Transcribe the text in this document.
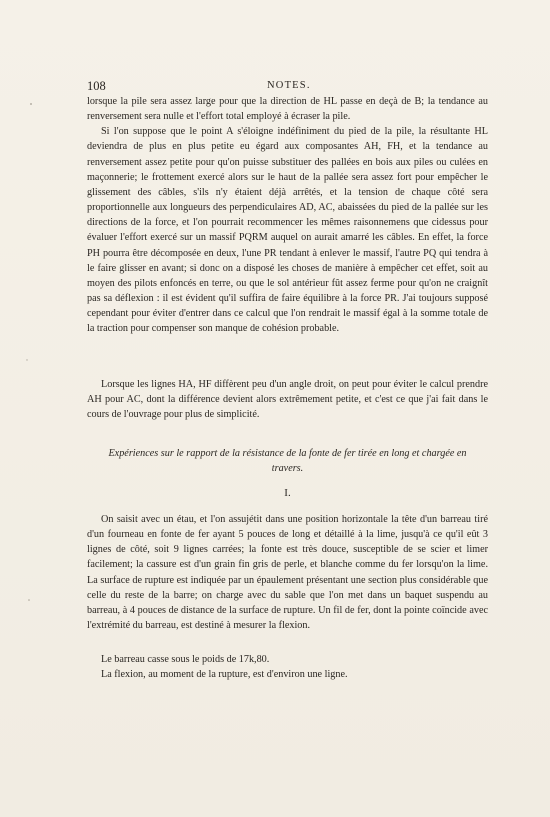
108	NOTES.

lorsque la pile sera assez large pour que la direction de HL passe en deçà de B; la tendance au renversement sera nulle et l'effort total employé à écraser la pile.

Si l'on suppose que le point A s'éloigne indéfiniment du pied de la pile, la résultante HL deviendra de plus en plus petite eu égard aux composantes AH, FH, et la tendance au renversement assez petite pour qu'on puisse substituer des pallées en bois aux piles ou culées en maçonnerie; le frottement exercé alors sur le haut de la pallée sera assez fort pour empêcher le glissement des câbles, s'ils n'y étaient déjà arrêtés, et la tension de chaque côté sera proportionnelle aux longueurs des perpendiculaires AD, AC, abaissées du pied de la pallée sur les directions de la force, et l'on pourrait recommencer les mêmes raisonnemens que cidessus pour évaluer l'effort exercé sur un massif PQRM auquel on aurait amarré les câbles. En effet, la force PH pourra être décomposée en deux, l'une PR tendant à enlever le massif, l'autre PQ qui tendra à le faire glisser en avant; si donc on a disposé les choses de manière à empêcher cet effet, soit au moyen des pilots enfoncés en terre, ou que le sol antérieur fût assez ferme pour qu'on ne craignît pas sa déflexion : il est évident qu'il suffira de faire équilibre à la force PR. J'ai toujours supposé cependant pour éviter d'entrer dans ce calcul que l'on rendrait le massif égal à la somme totale de la traction pour compenser son manque de cohésion probable.

Lorsque les lignes HA, HF diffèrent peu d'un angle droit, on peut pour éviter le calcul prendre AH pour AC, dont la différence devient alors extrêmement petite, et c'est ce que j'ai fait dans le cours de l'ouvrage pour plus de simplicité.

Expériences sur le rapport de la résistance de la fonte de fer tirée en long et chargée en travers.

I.

On saisit avec un étau, et l'on assujétit dans une position horizontale la tête d'un barreau tiré d'un fourneau en fonte de fer ayant 5 pouces de long et détaillé à la lime, jusqu'à ce qu'il eût 3 lignes de côté, soit 9 lignes carrées; la fonte est très douce, susceptible de se scier et limer facilement; la cassure est d'un grain fin gris de perle, et blanche comme du fer lorsqu'on la lime. La surface de rupture est indiquée par un épaulement présentant une section plus considérable que celle du reste de la barre; on charge avec du sable que l'on met dans un baquet suspendu au barreau, à 4 pouces de distance de la surface de rupture. Un fil de fer, dont la pointe coïncide avec l'extrémité du barreau, est destiné à mesurer la flexion.

Le barreau casse sous le poids de 17k,80.

La flexion, au moment de la rupture, est d'environ une ligne.
